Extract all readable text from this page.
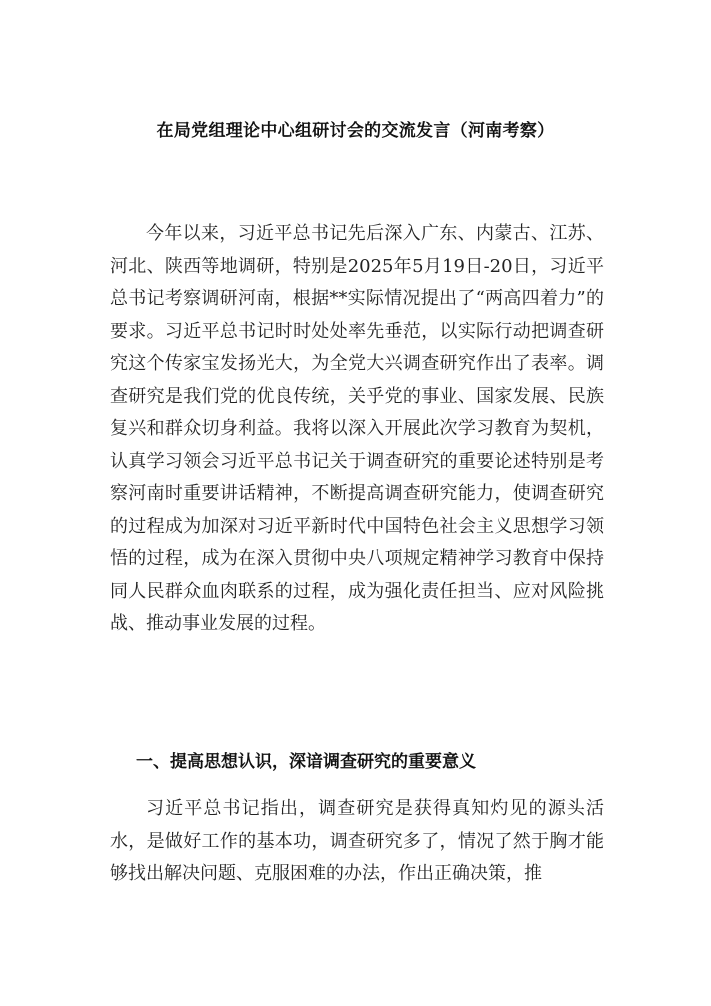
在局党组理论中心组研讨会的交流发言（河南考察）

今年以来，习近平总书记先后深入广东、内蒙古、江苏、河北、陕西等地调研，特别是2025年5月19日-20日，习近平总书记考察调研河南，根据**实际情况提出了“两高四着力”的要求。习近平总书记时时处处率先垂范，以实际行动把调查研究这个传家宝发扬光大，为全党大兴调查研究作出了表率。调查研究是我们党的优良传统，关乎党的事业、国家发展、民族复兴和群众切身利益。我将以深入开展此次学习教育为契机，认真学习领会习近平总书记关于调查研究的重要论述特别是考察河南时重要讲话精神，不断提高调查研究能力，使调查研究的过程成为加深对习近平新时代中国特色社会主义思想学习领悟的过程，成为在深入贯彻中央八项规定精神学习教育中保持同人民群众血肉联系的过程，成为强化责任担当、应对风险挑战、推动事业发展的过程。

一、提高思想认识，深谙调查研究的重要意义

习近平总书记指出，调查研究是获得真知灼见的源头活水，是做好工作的基本功，调查研究多了，情况了然于胸才能够找出解决问题、克服困难的办法，作出正确决策，推
